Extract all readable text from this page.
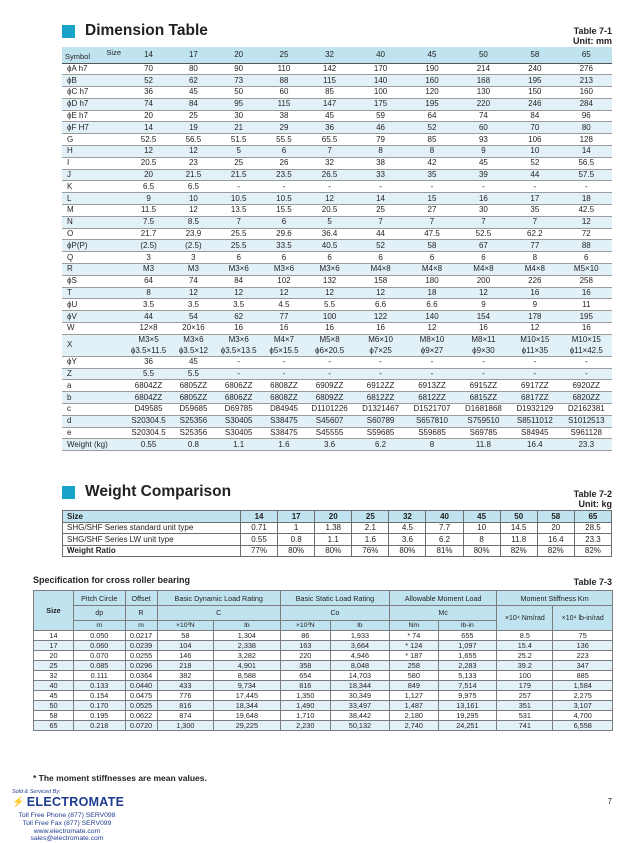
Dimension Table	Table 7-1
Unit: mm
Size
Symbol	14	17	20	25	32	40	45	50	58	65
ϕA h7	70	80	90	110	142	170	190	214	240	276
ϕB	52	62	73	88	115	140	160	168	195	213
ϕC h7	36	45	50	60	85	100	120	130	150	160
ϕD h7	74	84	95	115	147	175	195	220	246	284
ϕE h7	20	25	30	38	45	59	64	74	84	96
ϕF H7	14	19	21	29	36	46	52	60	70	80
G	52.5	56.5	51.5	55.5	65.5	79	85	93	106	128
H	12	12	5	6	7	8	8	9	10	14
I	20.5	23	25	26	32	38	42	45	52	56.5
J	20	21.5	21.5	23.5	26.5	33	35	39	44	57.5
K	6.5	6.5	-	-	-	-	-	-	-	-
L	9	10	10.5	10.5	12	14	15	16	17	18
M	11.5	12	13.5	15.5	20.5	25	27	30	35	42.5
N	7.5	8.5	7	6	5	7	7	7	7	12
O	21.7	23.9	25.5	29.6	36.4	44	47.5	52.5	62.2	72
ϕP(P)	(2.5)	(2.5)	25.5	33.5	40.5	52	58	67	77	88
Q	3	3	6	6	6	6	6	6	8	6
R	M3	M3	M3×6	M3×6	M3×6	M4×8	M4×8	M4×8	M4×8	M5×10
ϕS	64	74	84	102	132	158	180	200	226	258
T	8	12	12	12	12	12	18	12	16	16
ϕU	3.5	3.5	3.5	4.5	5.5	6.6	6.6	9	9	11
ϕV	44	54	62	77	100	122	140	154	178	195
W	12×8	20×16	16	16	16	16	12	16	12	16
X	M3×5	M3×6	M3×6	M4×7	M5×8	M6×10	M8×10	M8×11	M10×15	M10×15
	ϕ3.5×11.5	ϕ3.5×12	ϕ3.5×13.5	ϕ5×15.5	ϕ6×20.5	ϕ7×25	ϕ9×27	ϕ9×30	ϕ11×35	ϕ11×42.5
ϕY	36	45	-	-	-	-	-	-	-	-
Z	5.5	5.5	-	-	-	-	-	-	-	-
a	6804ZZ	6805ZZ	6806ZZ	6808ZZ	6909ZZ	6912ZZ	6913ZZ	6915ZZ	6917ZZ	6920ZZ
b	6804ZZ	6805ZZ	6806ZZ	6808ZZ	6809ZZ	6812ZZ	6812ZZ	6815ZZ	6817ZZ	6820ZZ
c	D49585	D59685	D69785	D84945	D1101226	D1321467	D1521707	D1681868	D1932129	D2162381
d	S20304.5	S25356	S30405	S38475	S45607	S60789	S657810	S759510	S8511012	S1012513
e	S20304.5	S25356	S30405	S38475	S45555	S59685	S59685	S69785	S84945	S961128
Weight (kg)	0.55	0.8	1.1	1.6	3.6	6.2	8	11.8	16.4	23.3
Weight Comparison	Table 7-2
Unit: kg
Size	14	17	20	25	32	40	45	50	58	65
SHG/SHF Series standard unit type	0.71	1	1.38	2.1	4.5	7.7	10	14.5	20	28.5
SHG/SHF Series LW unit type	0.55	0.8	1.1	1.6	3.6	6.2	8	11.8	16.4	23.3
Weight Ratio	77%	80%	80%	76%	80%	81%	80%	82%	82%	82%
Specification for cross roller bearing	Table 7-3
Size	Pitch Circle	Offset	Basic Dynamic Load Rating		Basic Static Load Rating		Allowable Moment Load		Moment Stiffness Km	
	dp	R	C		Co		Mc		×10⁴ Nm/rad	×10⁴ lb-in/rad
	m	m	×10³N	lb	×10³N	lb	Nm	lb-in		
14	0.050	0.0217	58	1,304	86	1,933	* 74	655	8.5	75
17	0.060	0.0239	104	2,338	163	3,664	* 124	1,097	15.4	136
20	0.070	0.0255	146	3,282	220	4,946	* 187	1,655	25.2	223
25	0.085	0.0296	218	4,901	358	8,048	258	2,283	39.2	347
32	0.111	0.0364	382	8,588	654	14,703	580	5,133	100	885
40	0.133	0.0440	433	9,734	816	18,344	849	7,514	179	1,584
45	0.154	0.0475	776	17,445	1,350	30,349	1,127	9,975	257	2,275
50	0.170	0.0525	816	18,344	1,490	33,497	1,487	13,161	351	3,107
58	0.195	0.0622	874	19,648	1,710	38,442	2,180	19,295	531	4,700
65	0.218	0.0720	1,300	29,225	2,230	50,132	2,740	24,251	741	6,558
* The moment stiffnesses are mean values.
Sold & Serviced By:
⚡ ELECTROMATE
Toll Free Phone (877) SERV098
Toll Free Fax (877) SERV099
www.electromate.com
sales@electromate.com
7
